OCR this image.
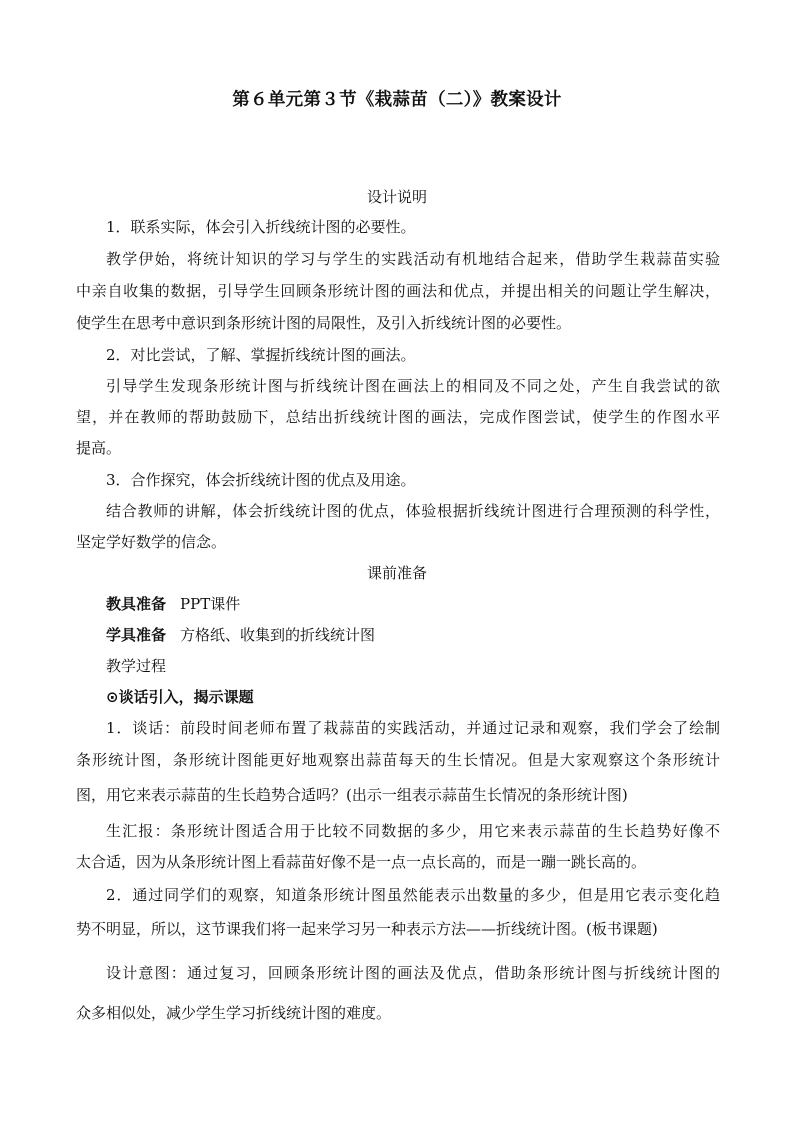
第６单元第３节《栽蒜苗（二）》教案设计
设计说明
1．联系实际，体会引入折线统计图的必要性。
教学伊始，将统计知识的学习与学生的实践活动有机地结合起来，借助学生栽蒜苗实验
中亲自收集的数据，引导学生回顾条形统计图的画法和优点，并提出相关的问题让学生解决，
使学生在思考中意识到条形统计图的局限性，及引入折线统计图的必要性。
2．对比尝试，了解、掌握折线统计图的画法。
引导学生发现条形统计图与折线统计图在画法上的相同及不同之处，产生自我尝试的欲
望，并在教师的帮助鼓励下，总结出折线统计图的画法，完成作图尝试，使学生的作图水平
提高。
3．合作探究，体会折线统计图的优点及用途。
结合教师的讲解，体会折线统计图的优点，体验根据折线统计图进行合理预测的科学性，
坚定学好数学的信念。
课前准备
教具准备 PPT课件
学具准备 方格纸、收集到的折线统计图
教学过程
⊙谈话引入，揭示课题
1．谈话：前段时间老师布置了栽蒜苗的实践活动，并通过记录和观察，我们学会了绘制
条形统计图，条形统计图能更好地观察出蒜苗每天的生长情况。但是大家观察这个条形统计
图，用它来表示蒜苗的生长趋势合适吗？(出示一组表示蒜苗生长情况的条形统计图)
生汇报：条形统计图适合用于比较不同数据的多少，用它来表示蒜苗的生长趋势好像不
太合适，因为从条形统计图上看蒜苗好像不是一点一点长高的，而是一蹦一跳长高的。
2．通过同学们的观察，知道条形统计图虽然能表示出数量的多少，但是用它表示变化趋
势不明显，所以，这节课我们将一起来学习另一种表示方法——折线统计图。(板书课题)
设计意图：通过复习，回顾条形统计图的画法及优点，借助条形统计图与折线统计图的
众多相似处，减少学生学习折线统计图的难度。
